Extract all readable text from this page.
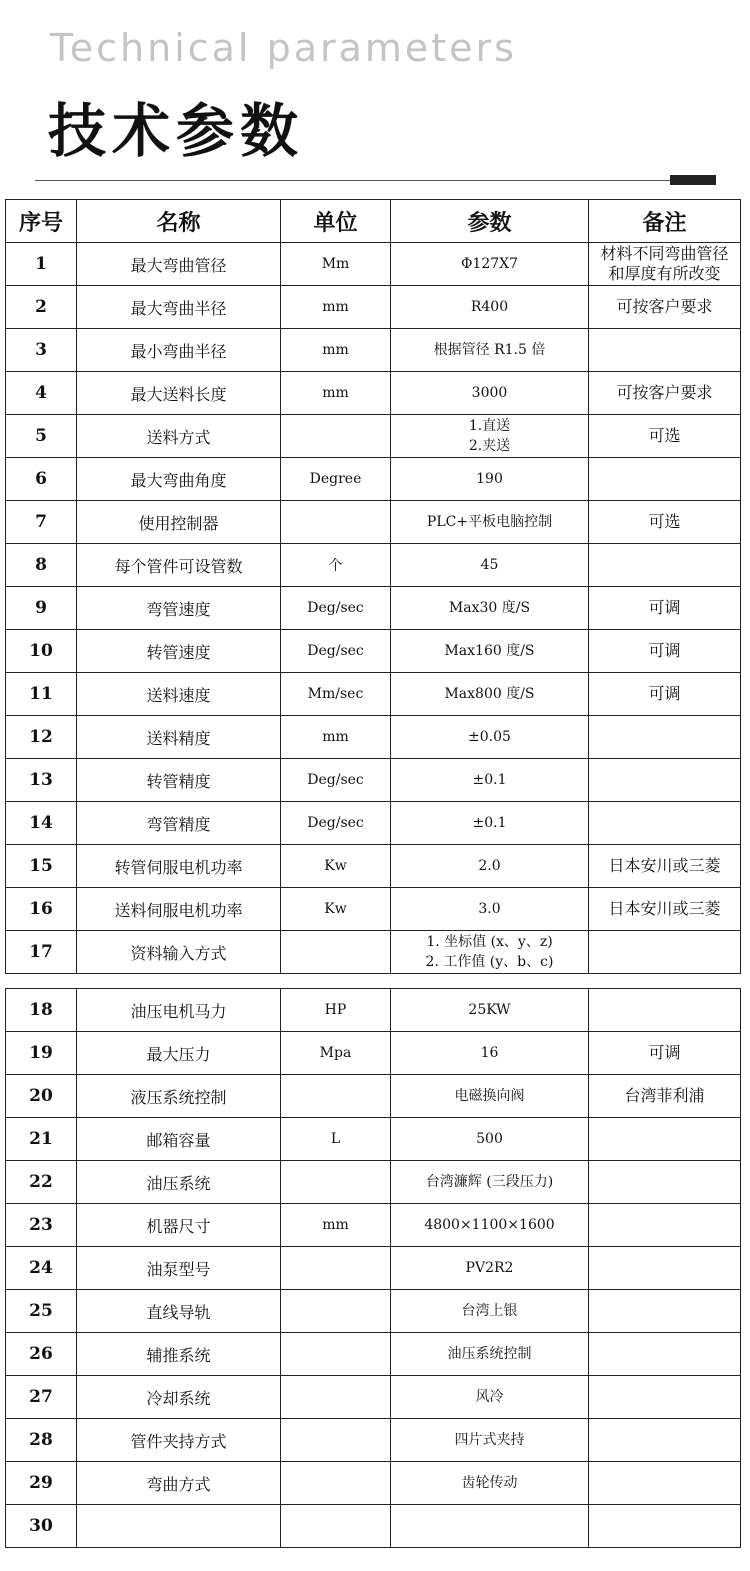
Technical parameters
技术参数
序号	名称	单位	参数	备注
1	最大弯曲管径	Mm	Φ127X7	材料不同弯曲管径
和厚度有所改变

2	最大弯曲半径	mm	R400	可按客户要求

3	最小弯曲半径	mm	根据管径 R1.5 倍	

4	最大送料长度	mm	3000	可按客户要求

5	送料方式		1.直送
2.夹送	可选

6	最大弯曲角度	Degree	190	

7	使用控制器		PLC+平板电脑控制	可选

8	每个管件可设管数	个	45	

9	弯管速度	Deg/sec	Max30 度/S	可调

10	转管速度	Deg/sec	Max160 度/S	可调

11	送料速度	Mm/sec	Max800 度/S	可调

12	送料精度	mm	±0.05	

13	转管精度	Deg/sec	±0.1	

14	弯管精度	Deg/sec	±0.1	

15	转管伺服电机功率	Kw	2.0	日本安川或三菱

16	送料伺服电机功率	Kw	3.0	日本安川或三菱

17	资料输入方式		1. 坐标值 (x、y、z)
2. 工作值 (y、b、c)	

18	油压电机马力	HP	25KW	

19	最大压力	Mpa	16	可调

20	液压系统控制		电磁换向阀	台湾菲利浦

21	邮箱容量	L	500	

22	油压系统		台湾濂辉 (三段压力)	

23	机器尺寸	mm	4800×1100×1600	

24	油泵型号		PV2R2	

25	直线导轨		台湾上银	

26	辅推系统		油压系统控制	

27	冷却系统		风冷	

28	管件夹持方式		四片式夹持	

29	弯曲方式		齿轮传动	

30			
